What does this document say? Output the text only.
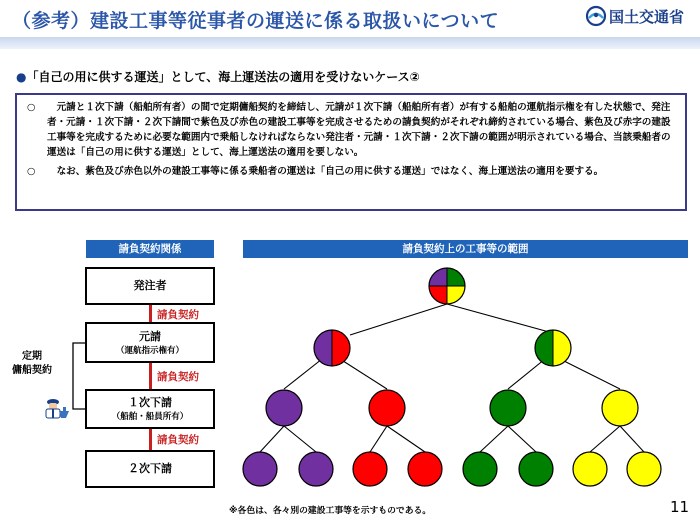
（参考）建設工事等従事者の運送に係る取扱いについて	国土交通省
●「自己の用に供する運送」として、海上運送法の適用を受けないケース②
○	　元請と１次下請（船舶所有者）の間で定期傭船契約を締結し、元請が１次下請（船舶所有者）が有する船舶の運航指示権を有した状態で、発注者・元請・１次下請・２次下請間で紫色及び赤色の建設工事等を完成させるための請負契約がそれぞれ締約されている場合、紫色及び赤字の建設工事等を完成するために必要な範囲内で乗船しなければならない発注者・元請・１次下請・２次下請の範囲が明示されている場合、当該乗船者の運送は「自己の用に供する運送」として、海上運送法の適用を要しない。
○	　なお、紫色及び赤色以外の建設工事等に係る乗船者の運送は「自己の用に供する運送」ではなく、海上運送法の適用を要する。
請負契約関係
発注者
請負契約
元請
（運航指示権有）
請負契約
１次下請
（船舶・船員所有）
請負契約
２次下請
定期
傭船契約
請負契約上の工事等の範囲
※各色は、各々別の建設工事等を示すものである。	11
